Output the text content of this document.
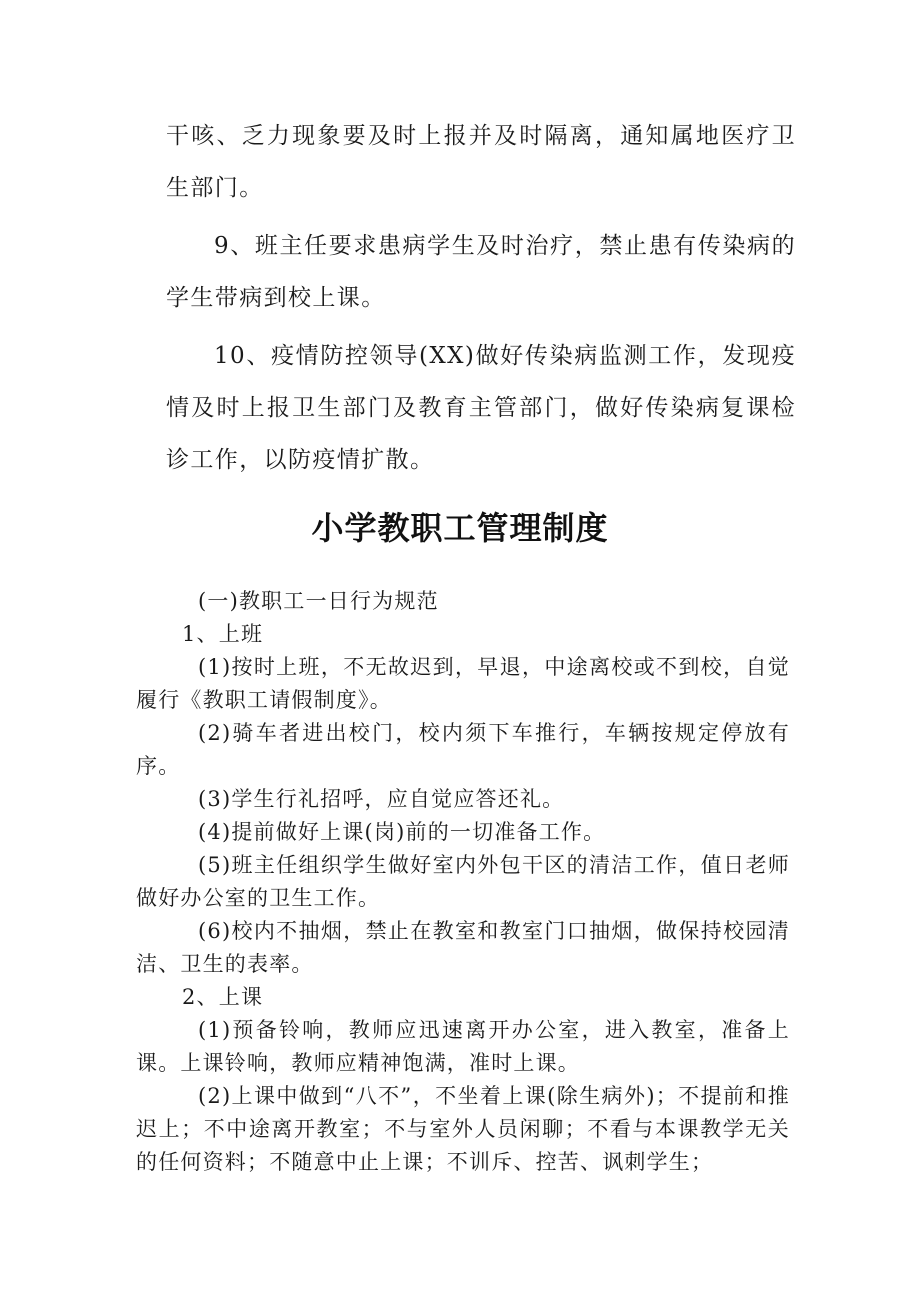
干咳、乏力现象要及时上报并及时隔离，通知属地医疗卫生部门。

9、班主任要求患病学生及时治疗，禁止患有传染病的学生带病到校上课。

10、疫情防控领导(XX)做好传染病监测工作，发现疫情及时上报卫生部门及教育主管部门，做好传染病复课检诊工作，以防疫情扩散。

小学教职工管理制度

(一)教职工一日行为规范

1、上班

(1)按时上班，不无故迟到，早退，中途离校或不到校，自觉履行《教职工请假制度》。

(2)骑车者进出校门，校内须下车推行，车辆按规定停放有序。

(3)学生行礼招呼，应自觉应答还礼。

(4)提前做好上课(岗)前的一切准备工作。

(5)班主任组织学生做好室内外包干区的清洁工作，值日老师做好办公室的卫生工作。

(6)校内不抽烟，禁止在教室和教室门口抽烟，做保持校园清洁、卫生的表率。

2、上课

(1)预备铃响，教师应迅速离开办公室，进入教室，准备上课。上课铃响，教师应精神饱满，准时上课。

(2)上课中做到“八不”，不坐着上课(除生病外)；不提前和推迟上；不中途离开教室；不与室外人员闲聊；不看与本课教学无关的任何资料；不随意中止上课；不训斥、控苦、讽刺学生；
